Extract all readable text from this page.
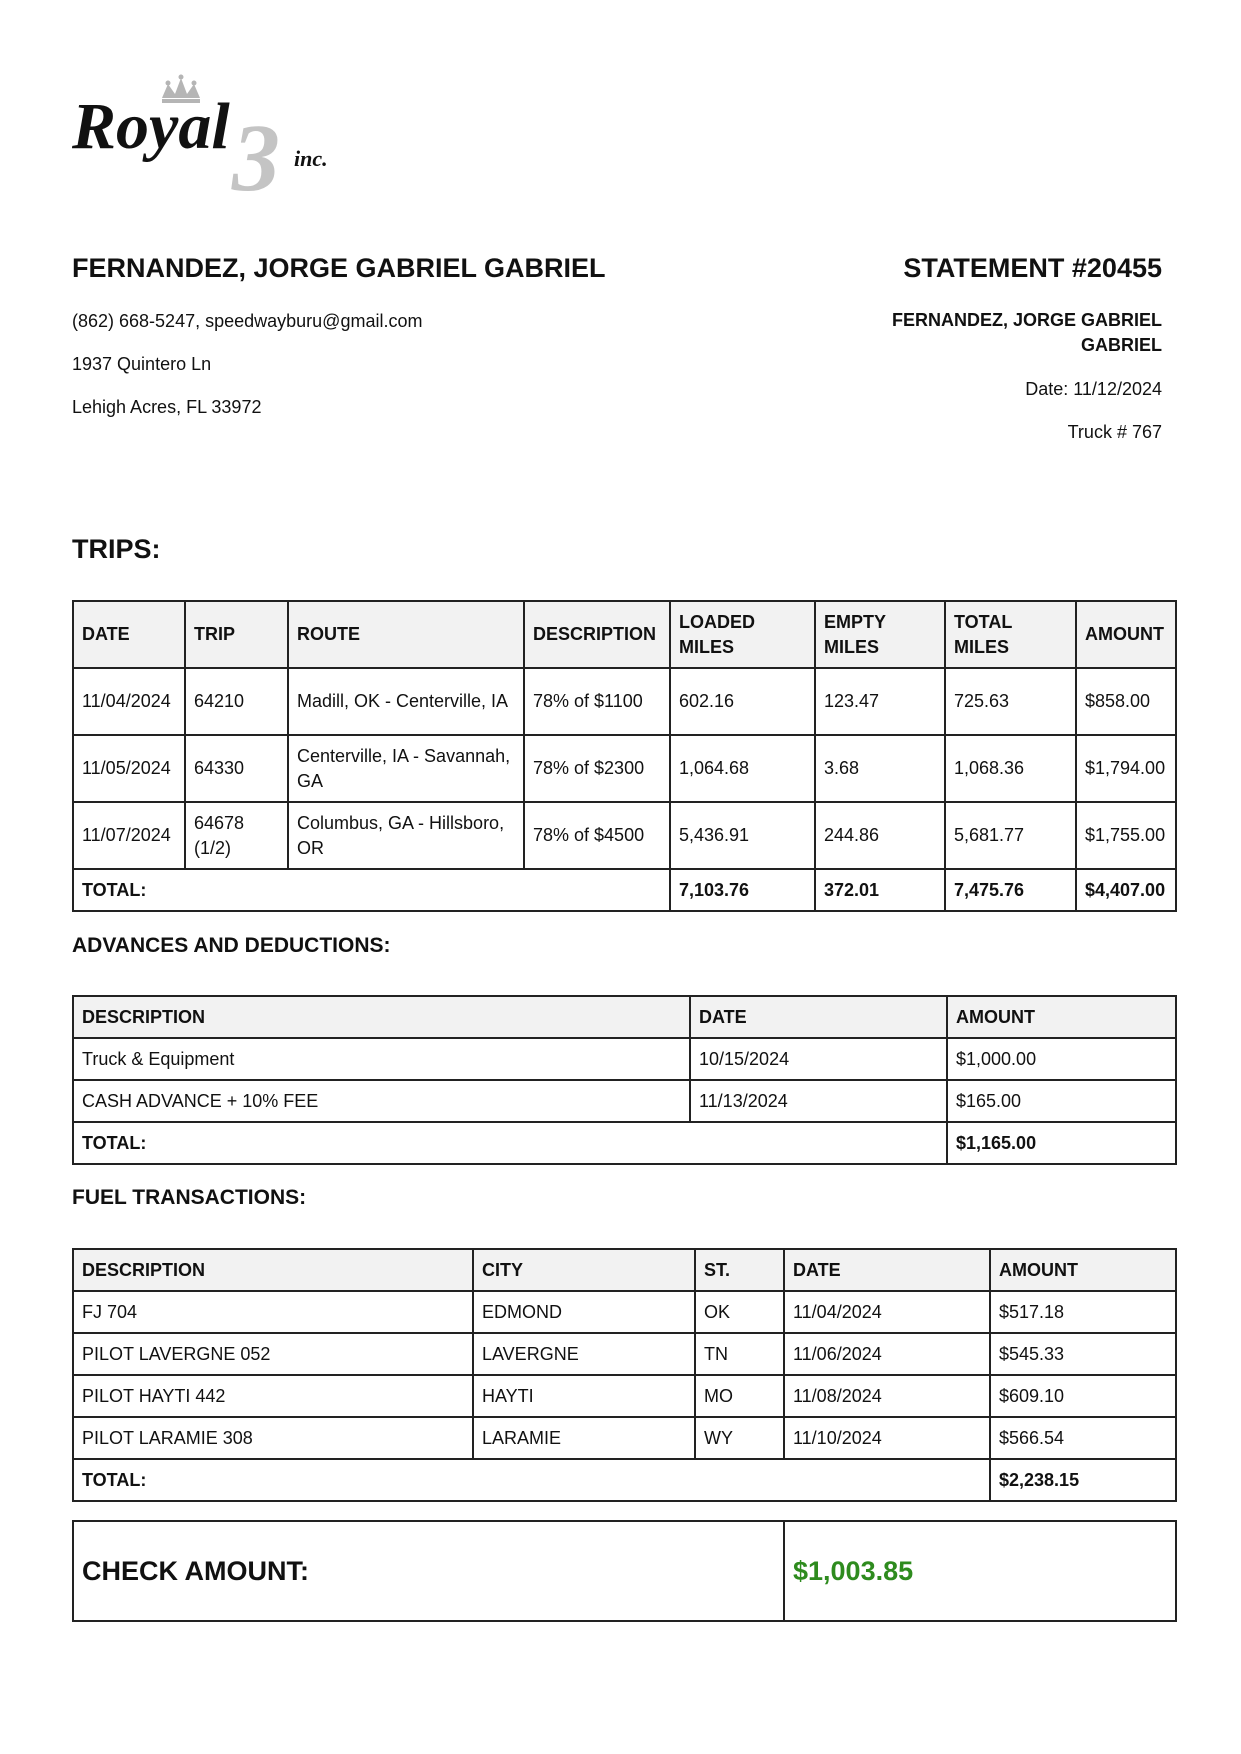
3
Royal	inc.
FERNANDEZ, JORGE GABRIEL GABRIEL
(862) 668-5247, speedwayburu@gmail.com
1937 Quintero Ln
Lehigh Acres, FL 33972
STATEMENT #20455
FERNANDEZ, JORGE GABRIEL GABRIEL
Date: 11/12/2024
Truck # 767
TRIPS:
DATE	TRIP	ROUTE	DESCRIPTION	LOADED MILES	EMPTY MILES	TOTAL MILES	AMOUNT
11/04/2024	64210	Madill, OK - Centerville, IA	78% of $1100	602.16	123.47	725.63	$858.00
11/05/2024	64330	Centerville, IA - Savannah, GA	78% of $2300	1,064.68	3.68	1,068.36	$1,794.00
11/07/2024	64678 (1/2)	Columbus, GA - Hillsboro, OR	78% of $4500	5,436.91	244.86	5,681.77	$1,755.00
TOTAL:				7,103.76	372.01	7,475.76	$4,407.00
ADVANCES AND DEDUCTIONS:
DESCRIPTION	DATE	AMOUNT
Truck & Equipment	10/15/2024	$1,000.00
CASH ADVANCE + 10% FEE	11/13/2024	$165.00
TOTAL:		$1,165.00
FUEL TRANSACTIONS:
DESCRIPTION	CITY	ST.	DATE	AMOUNT
FJ 704	EDMOND	OK	11/04/2024	$517.18
PILOT LAVERGNE 052	LAVERGNE	TN	11/06/2024	$545.33
PILOT HAYTI 442	HAYTI	MO	11/08/2024	$609.10
PILOT LARAMIE 308	LARAMIE	WY	11/10/2024	$566.54
TOTAL:				$2,238.15
CHECK AMOUNT:	$1,003.85
